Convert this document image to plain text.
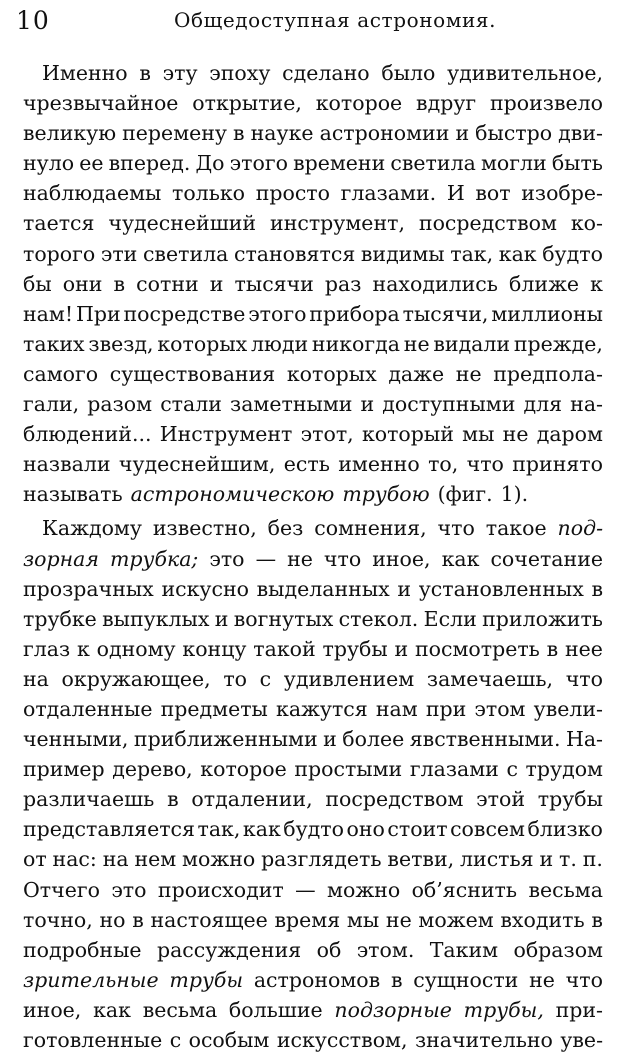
10	Общедоступная астрономия.
Именно в эту эпоху сделано было удивительное,
чрезвычайное открытие, которое вдруг произвело
великую перемену в науке астрономии и быстро дви-
нуло ее вперед. До этого времени светила могли быть
наблюдаемы только просто глазами. И вот изобре-
тается чудеснейший инструмент, посредством ко-
торого эти светила становятся видимы так, как будто
бы они в сотни и тысячи раз находились ближе к
нам! При посредстве этого прибора тысячи, миллионы
таких звезд, которых люди никогда не видали прежде,
самого существования которых даже не предпола-
гали, разом стали заметными и доступными для на-
блюдений... Инструмент этот, который мы не даром
назвали чудеснейшим, есть именно то, что принято
называть астрономическою трубою (фиг. 1).
Каждому известно, без сомнения, что такое под-
зорная трубка; это — не что иное, как сочетание
прозрачных искусно выделанных и установленных в
трубке выпуклых и вогнутых стекол. Если приложить
глаз к одному концу такой трубы и посмотреть в нее
на окружающее, то с удивлением замечаешь, что
отдаленные предметы кажутся нам при этом увели-
ченными, приближенными и более явственными. На-
пример дерево, которое простыми глазами с трудом
различаешь в отдалении, посредством этой трубы
представляется так, как будто оно стоит совсем близко
от нас: на нем можно разглядеть ветви, листья и т. п.
Отчего это происходит — можно об’яснить весьма
точно, но в настоящее время мы не можем входить в
подробные рассуждения об этом. Таким образом
зрительные трубы астрономов в сущности не что
иное, как весьма большие подзорные трубы, при-
готовленные с особым искусством, значительно уве-
